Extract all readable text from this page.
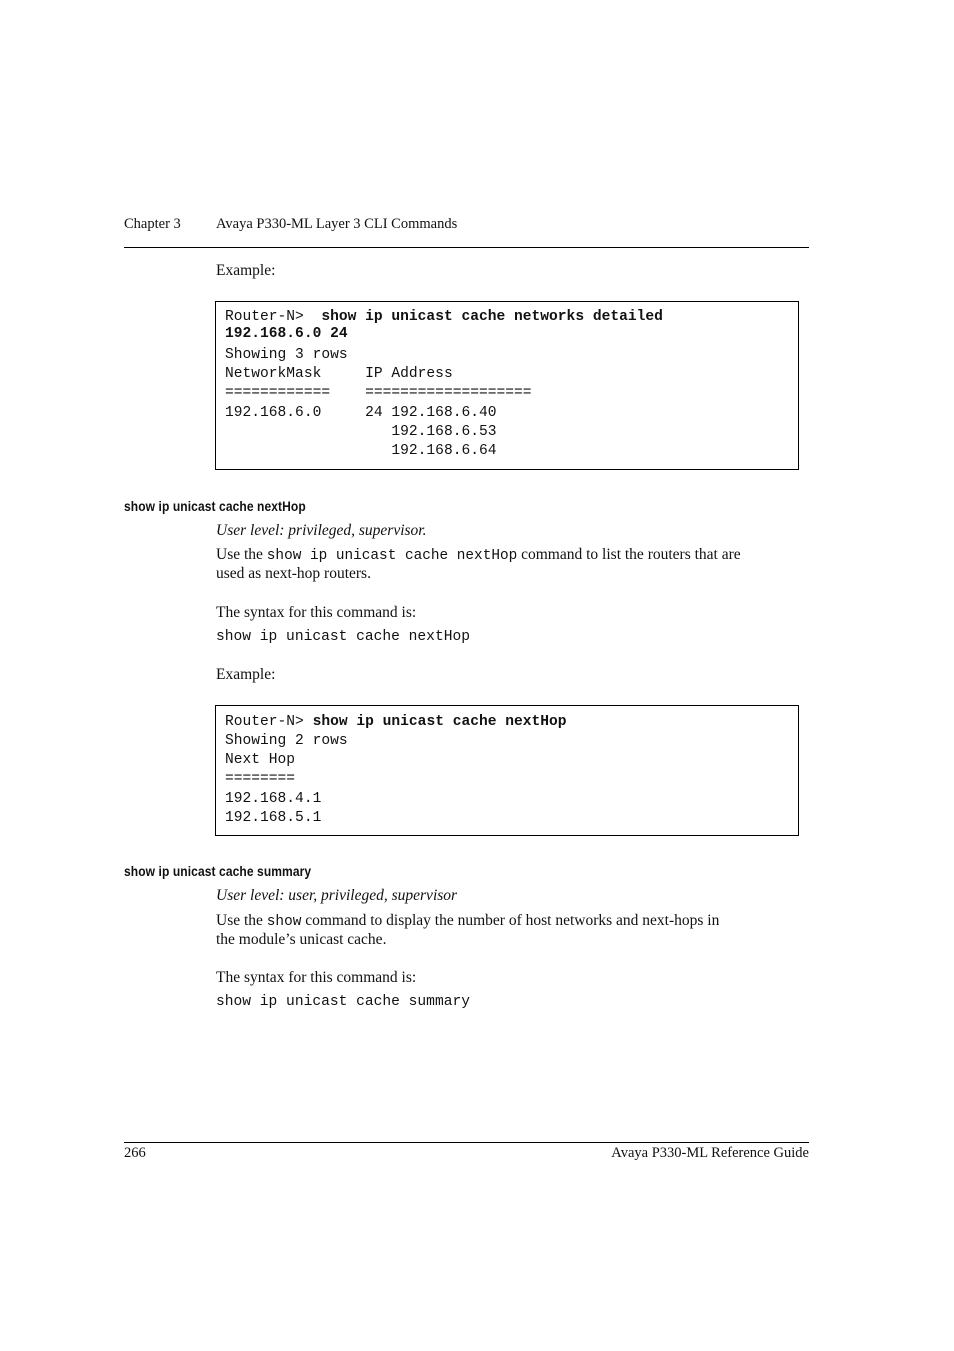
Chapter 3 Avaya P330-ML Layer 3 CLI Commands
Example:
Router-N> show ip unicast cache networks detailed
192.168.6.0 24
Showing 3 rows
NetworkMask     IP Address
============    ===================
192.168.6.0     24 192.168.6.40
192.168.6.53
192.168.6.64
show ip unicast cache nextHop
User level: privileged, supervisor.
Use the show ip unicast cache nextHop command to list the routers that are
used as next-hop routers.
The syntax for this command is:
show ip unicast cache nextHop
Example:
Router-N> show ip unicast cache nextHop
Showing 2 rows
Next Hop
========
192.168.4.1
192.168.5.1
show ip unicast cache summary
User level: user, privileged, supervisor
Use the show command to display the number of host networks and next-hops in
the module’s unicast cache.
The syntax for this command is:
show ip unicast cache summary
266	Avaya P330-ML Reference Guide
